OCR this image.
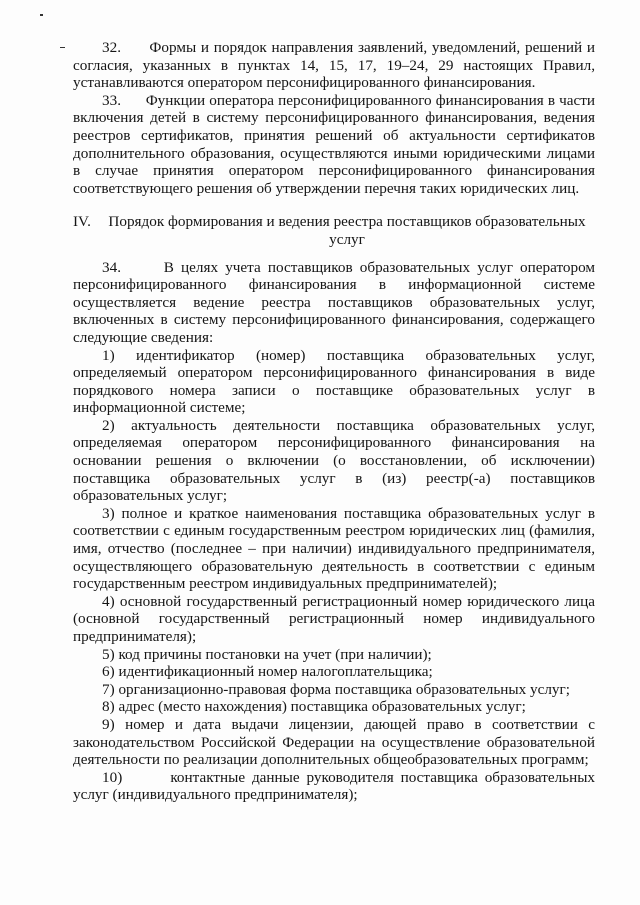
32. Формы и порядок направления заявлений, уведомлений, решений и согласия, указанных в пунктах 14, 15, 17, 19–24, 29 настоящих Правил, устанавливаются оператором персонифицированного финансирования.

33. Функции оператора персонифицированного финансирования в части включения детей в систему персонифицированного финансирования, ведения реестров сертификатов, принятия решений об актуальности сертификатов дополнительного образования, осуществляются иными юридическими лицами в случае принятия оператором персонифицированного финансирования соответствующего решения об утверждении перечня таких юридических лиц.

IV. Порядок формирования и ведения реестра поставщиков образовательных услуг

34.	В целях учета поставщиков образовательных услуг оператором персонифицированного финансирования в информационной системе осуществляется ведение реестра поставщиков образовательных услуг, включенных в систему персонифицированного финансирования, содержащего следующие сведения:

1) идентификатор (номер) поставщика образовательных услуг, определяемый оператором персонифицированного финансирования в виде порядкового номера записи о поставщике образовательных услуг в информационной системе;

2) актуальность деятельности поставщика образовательных услуг, определяемая оператором персонифицированного финансирования на основании решения о включении (о восстановлении, об исключении) поставщика образовательных услуг в (из) реестр(-а) поставщиков образовательных услуг;

3) полное и краткое наименования поставщика образовательных услуг в соответствии с единым государственным реестром юридических лиц (фамилия, имя, отчество (последнее – при наличии) индивидуального предпринимателя, осуществляющего образовательную деятельность в соответствии с единым государственным реестром индивидуальных предпринимателей);

4) основной государственный регистрационный номер юридического лица (основной государственный регистрационный номер индивидуального предпринимателя);

5) код причины постановки на учет (при наличии);

6) идентификационный номер налогоплательщика;

7) организационно-правовая форма поставщика образовательных услуг;

8) адрес (место нахождения) поставщика образовательных услуг;

9) номер и дата выдачи лицензии, дающей право в соответствии с законодательством Российской Федерации на осуществление образовательной деятельности по реализации дополнительных общеобразовательных программ;

10)	контактные данные руководителя поставщика образовательных услуг (индивидуального предпринимателя);
